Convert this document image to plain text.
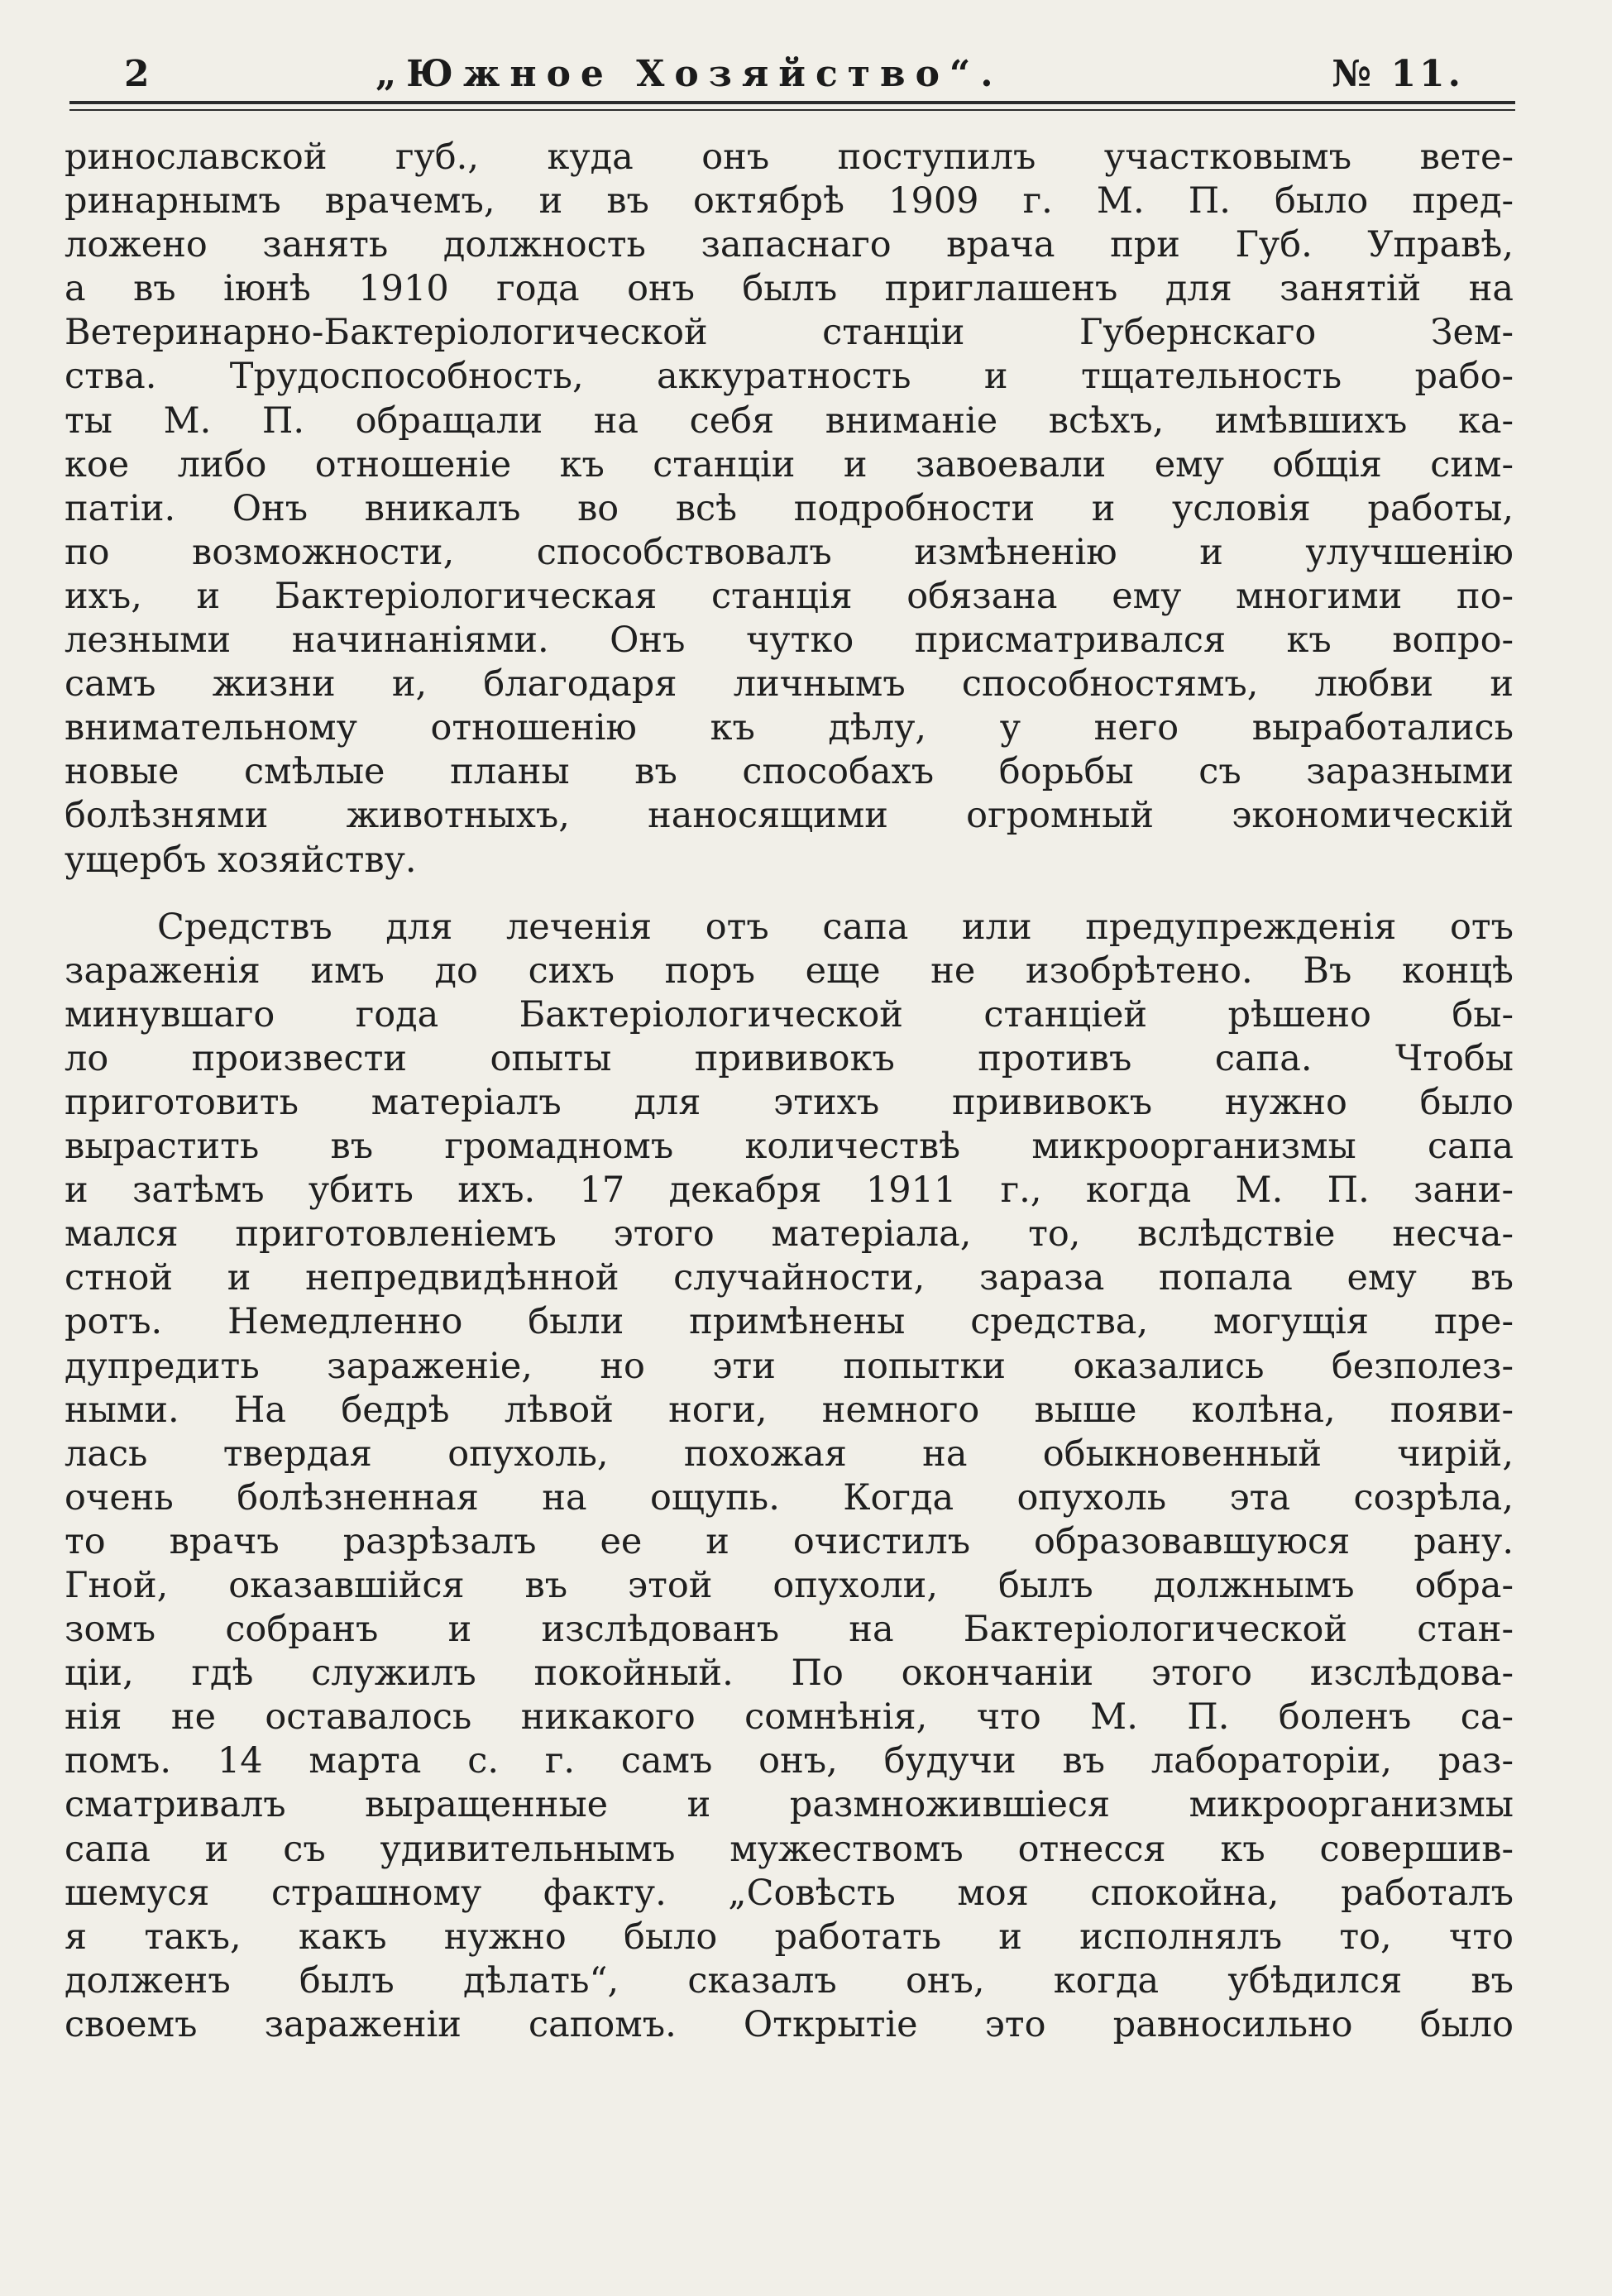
2	„Южное Хозяйство“.	№ 11.
ринославской губ., куда онъ поступилъ участковымъ вете-
ринарнымъ врачемъ, и въ октябрѣ 1909 г. М. П. было пред-
ложено занять должность запаснаго врача при Губ. Управѣ,
а въ iюнѣ 1910 года онъ былъ приглашенъ для занятiй на
Ветеринарно-Бактерiологической станцiи Губернскаго Зем-
ства. Трудоспособность, аккуратность и тщательность рабо-
ты М. П. обращали на себя вниманiе всѣхъ, имѣвшихъ ка-
кое либо отношенiе къ станцiи и завоевали ему общiя сим-
патiи. Онъ вникалъ во всѣ подробности и условiя работы,
по возможности, способствовалъ измѣненiю и улучшенiю
ихъ, и Бактерiологическая станцiя обязана ему многими по-
лезными начинанiями. Онъ чутко присматривался къ вопро-
самъ жизни и, благодаря личнымъ способностямъ, любви и
внимательному отношенiю къ дѣлу, у него выработались
новые смѣлые планы въ способахъ борьбы съ заразными
болѣзнями животныхъ, наносящими огромный экономическiй
ущербъ хозяйству.
Средствъ для леченiя отъ сапа или предупрежденiя отъ
зараженiя имъ до сихъ поръ еще не изобрѣтено. Въ концѣ
минувшаго года Бактерiологической станцiей рѣшено бы-
ло произвести опыты прививокъ противъ сапа. Чтобы
приготовить матерiалъ для этихъ прививокъ нужно было
вырастить въ громадномъ количествѣ микроорганизмы сапа
и затѣмъ убить ихъ. 17 декабря 1911 г., когда М. П. зани-
мался приготовленiемъ этого матерiала, то, вслѣдствiе несча-
стной и непредвидѣнной случайности, зараза попала ему въ
ротъ. Немедленно были примѣнены средства, могущiя пре-
дупредить зараженiе, но эти попытки оказались безполез-
ными. На бедрѣ лѣвой ноги, немного выше колѣна, появи-
лась твердая опухоль, похожая на обыкновенный чирiй,
очень болѣзненная на ощупь. Когда опухоль эта созрѣла,
то врачъ разрѣзалъ ее и очистилъ образовавшуюся рану.
Гной, оказавшiйся въ этой опухоли, былъ должнымъ обра-
зомъ собранъ и изслѣдованъ на Бактерiологической стан-
цiи, гдѣ служилъ покойный. По окончанiи этого изслѣдова-
нiя не оставалось никакого сомнѣнiя, что М. П. боленъ са-
помъ. 14 марта с. г. самъ онъ, будучи въ лабораторiи, раз-
сматривалъ выращенные и размножившiеся микроорганизмы
сапа и съ удивительнымъ мужествомъ отнесся къ совершив-
шемуся страшному факту. „Совѣсть моя спокойна, работалъ
я такъ, какъ нужно было работать и исполнялъ то, что
долженъ былъ дѣлать“, сказалъ онъ, когда убѣдился въ
своемъ зараженiи сапомъ. Открытiе это равносильно было
